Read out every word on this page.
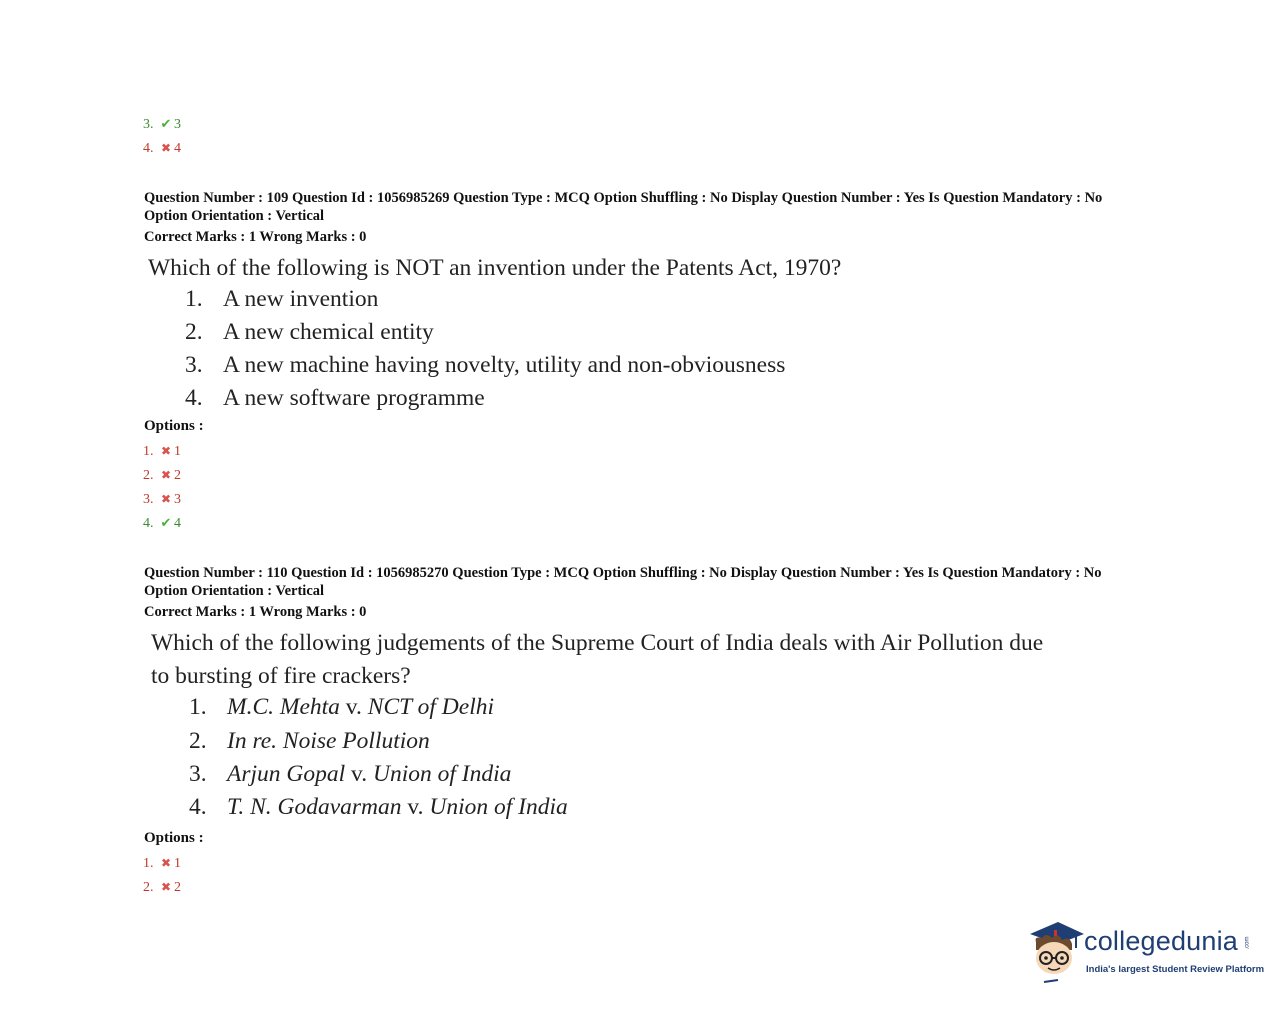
3. ✔ 3
4. ✖ 4
Question Number : 109 Question Id : 1056985269 Question Type : MCQ Option Shuffling : No Display Question Number : Yes Is Question Mandatory : No Option Orientation : Vertical
Correct Marks : 1 Wrong Marks : 0
Which of the following is NOT an invention under the Patents Act, 1970?
1. A new invention
2. A new chemical entity
3. A new machine having novelty, utility and non-obviousness
4. A new software programme
Options :
1. ✖ 1
2. ✖ 2
3. ✖ 3
4. ✔ 4
Question Number : 110 Question Id : 1056985270 Question Type : MCQ Option Shuffling : No Display Question Number : Yes Is Question Mandatory : No Option Orientation : Vertical
Correct Marks : 1 Wrong Marks : 0
Which of the following judgements of the Supreme Court of India deals with Air Pollution due
to bursting of fire crackers?
1. M.C. Mehta v. NCT of Delhi
2. In re. Noise Pollution
3. Arjun Gopal v. Union of India
4. T. N. Godavarman v. Union of India
Options :
1. ✖ 1
2. ✖ 2
collegedunia .com
India's largest Student Review Platform
